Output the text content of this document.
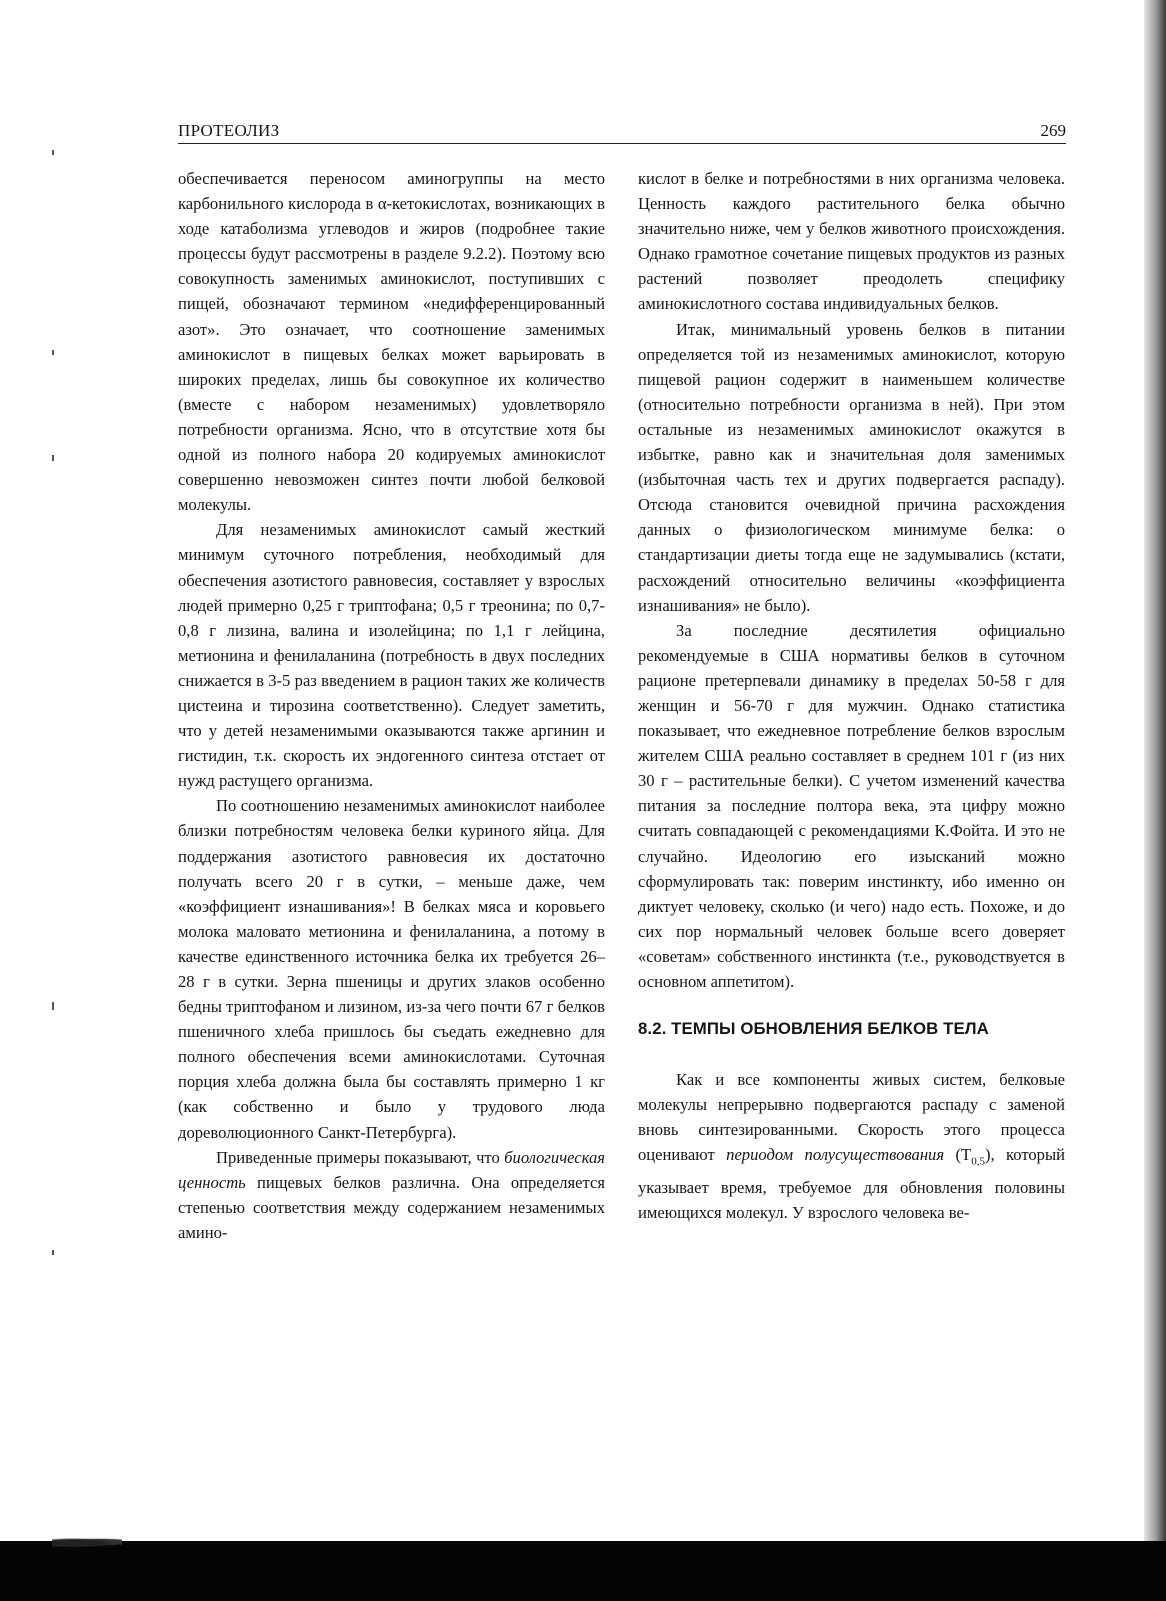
ПРОТЕОЛИЗ	269

обеспечивается переносом аминогруппы на место карбонильного кислорода в α-кетокислотах, возникающих в ходе катаболизма углеводов и жиров (подробнее такие процессы будут рассмотрены в разделе 9.2.2). Поэтому всю совокупность заменимых аминокислот, поступивших с пищей, обозначают термином «недифференцированный азот». Это означает, что соотношение заменимых аминокислот в пищевых белках может варьировать в широких пределах, лишь бы совокупное их количество (вместе с набором незаменимых) удовлетворяло потребности организма. Ясно, что в отсутствие хотя бы одной из полного набора 20 кодируемых аминокислот совершенно невозможен синтез почти любой белковой молекулы.

Для незаменимых аминокислот самый жесткий минимум суточного потребления, необходимый для обеспечения азотистого равновесия, составляет у взрослых людей примерно 0,25 г триптофана; 0,5 г треонина; по 0,7-0,8 г лизина, валина и изолейцина; по 1,1 г лейцина, метионина и фенилаланина (потребность в двух последних снижается в 3-5 раз введением в рацион таких же количеств цистеина и тирозина соответственно). Следует заметить, что у детей незаменимыми оказываются также аргинин и гистидин, т.к. скорость их эндогенного синтеза отстает от нужд растущего организма.

По соотношению незаменимых аминокислот наиболее близки потребностям человека белки куриного яйца. Для поддержания азотистого равновесия их достаточно получать всего 20 г в сутки, – меньше даже, чем «коэффициент изнашивания»! В белках мяса и коровьего молока маловато метионина и фенилаланина, а потому в качестве единственного источника белка их требуется 26–28 г в сутки. Зерна пшеницы и других злаков особенно бедны триптофаном и лизином, из-за чего почти 67 г белков пшеничного хлеба пришлось бы съедать ежедневно для полного обеспечения всеми аминокислотами. Суточная порция хлеба должна была бы составлять примерно 1 кг (как собственно и было у трудового люда дореволюционного Санкт-Петербурга).

Приведенные примеры показывают, что биологическая ценность пищевых белков различна. Она определяется степенью соответствия между содержанием незаменимых амино-

кислот в белке и потребностями в них организма человека. Ценность каждого растительного белка обычно значительно ниже, чем у белков животного происхождения. Однако грамотное сочетание пищевых продуктов из разных растений позволяет преодолеть специфику аминокислотного состава индивидуальных белков.

Итак, минимальный уровень белков в питании определяется той из незаменимых аминокислот, которую пищевой рацион содержит в наименьшем количестве (относительно потребности организма в ней). При этом остальные из незаменимых аминокислот окажутся в избытке, равно как и значительная доля заменимых (избыточная часть тех и других подвергается распаду). Отсюда становится очевидной причина расхождения данных о физиологическом минимуме белка: о стандартизации диеты тогда еще не задумывались (кстати, расхождений относительно величины «коэффициента изнашивания» не было).

За последние десятилетия официально рекомендуемые в США нормативы белков в суточном рационе претерпевали динамику в пределах 50-58 г для женщин и 56-70 г для мужчин. Однако статистика показывает, что ежедневное потребление белков взрослым жителем США реально составляет в среднем 101 г (из них 30 г – растительные белки). С учетом изменений качества питания за последние полтора века, эта цифру можно считать совпадающей с рекомендациями К.Фойта. И это не случайно. Идеологию его изысканий можно сформулировать так: поверим инстинкту, ибо именно он диктует человеку, сколько (и чего) надо есть. Похоже, и до сих пор нормальный человек больше всего доверяет «советам» собственного инстинкта (т.е., руководствуется в основном аппетитом).

8.2. ТЕМПЫ ОБНОВЛЕНИЯ БЕЛКОВ ТЕЛА

Как и все компоненты живых систем, белковые молекулы непрерывно подвергаются распаду с заменой вновь синтезированными. Скорость этого процесса оценивают периодом полусуществования $(T_{0,5})$, который указывает время, требуемое для обновления половины имеющихся молекул. У взрослого человека ве-
